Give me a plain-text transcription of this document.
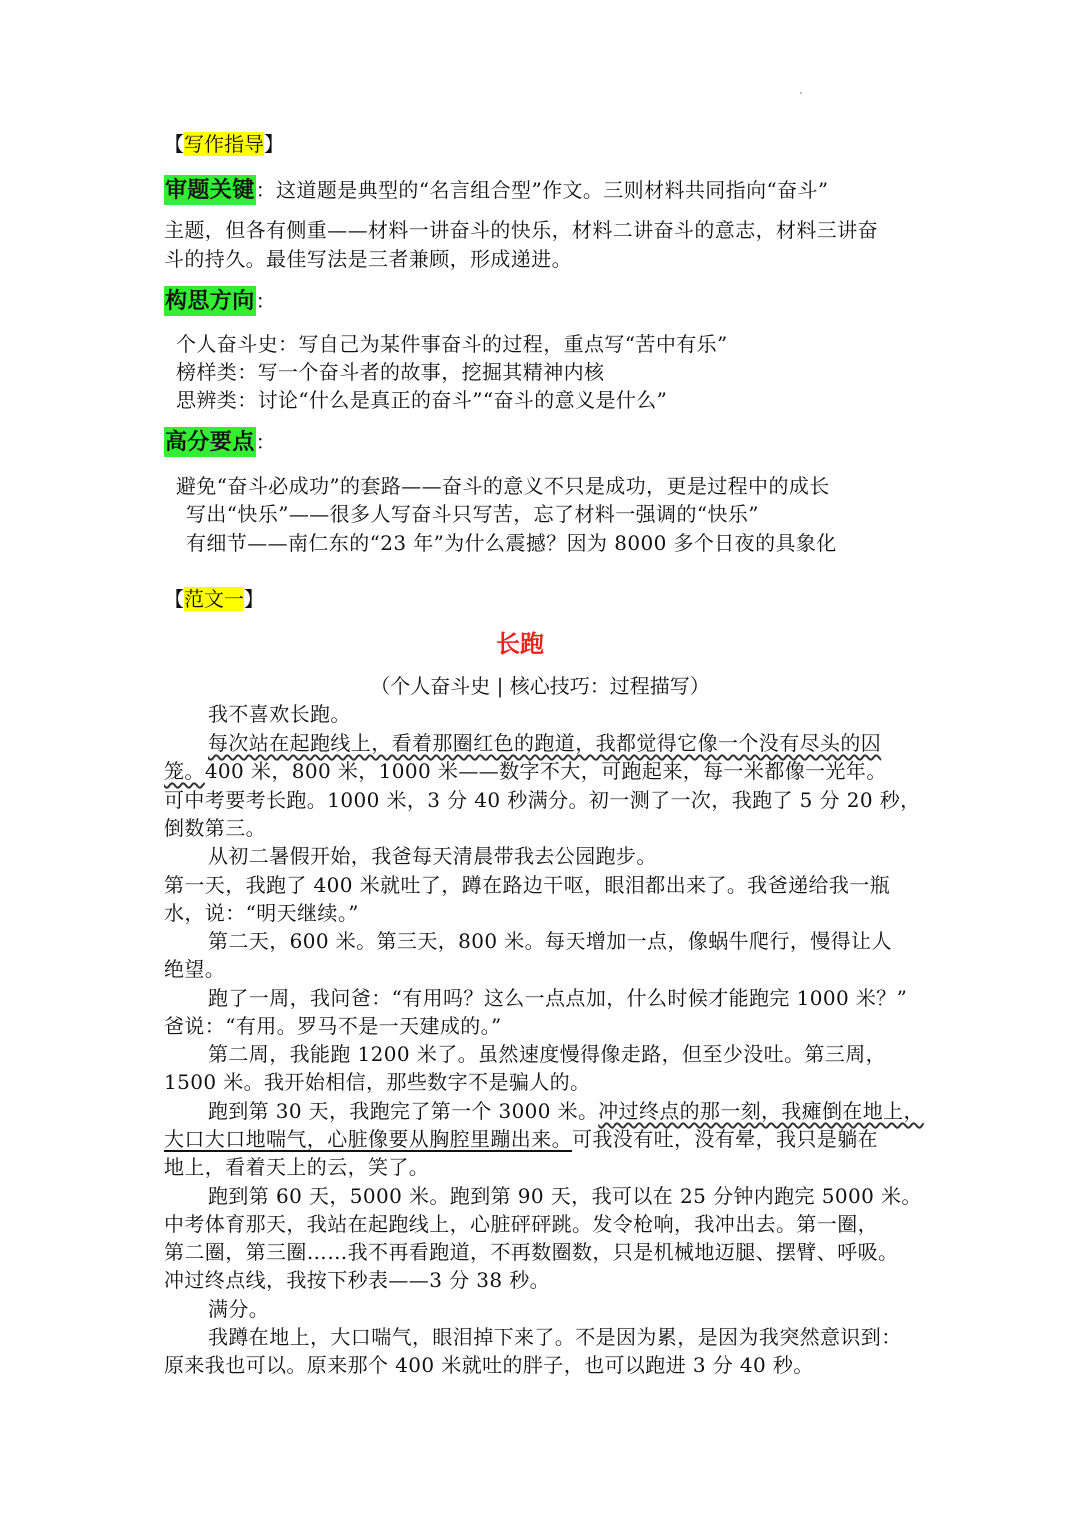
【写作指导】
审题关键：这道题是典型的“名言组合型”作文。三则材料共同指向“奋斗”
主题，但各有侧重——材料一讲奋斗的快乐，材料二讲奋斗的意志，材料三讲奋
斗的持久。最佳写法是三者兼顾，形成递进。
构思方向：
个人奋斗史：写自己为某件事奋斗的过程，重点写“苦中有乐”
榜样类：写一个奋斗者的故事，挖掘其精神内核
思辨类：讨论“什么是真正的奋斗”“奋斗的意义是什么”
高分要点：
避免“奋斗必成功”的套路——奋斗的意义不只是成功，更是过程中的成长
写出“快乐”——很多人写奋斗只写苦，忘了材料一强调的“快乐”
有细节——南仁东的“23 年”为什么震撼？因为 8000 多个日夜的具象化
【范文一】
长跑
（个人奋斗史 | 核心技巧：过程描写）
我不喜欢长跑。
每次站在起跑线上，看着那圈红色的跑道，我都觉得它像一个没有尽头的囚
笼。400 米，800 米，1000 米——数字不大，可跑起来，每一米都像一光年。
可中考要考长跑。1000 米，3 分 40 秒满分。初一测了一次，我跑了 5 分 20 秒，
倒数第三。
从初二暑假开始，我爸每天清晨带我去公园跑步。
第一天，我跑了 400 米就吐了，蹲在路边干呕，眼泪都出来了。我爸递给我一瓶
水，说：“明天继续。”
第二天，600 米。第三天，800 米。每天增加一点，像蜗牛爬行，慢得让人
绝望。
跑了一周，我问爸：“有用吗？这么一点点加，什么时候才能跑完 1000 米？”
爸说：“有用。罗马不是一天建成的。”
第二周，我能跑 1200 米了。虽然速度慢得像走路，但至少没吐。第三周，
1500 米。我开始相信，那些数字不是骗人的。
跑到第 30 天，我跑完了第一个 3000 米。冲过终点的那一刻，我瘫倒在地上，
大口大口地喘气，心脏像要从胸腔里蹦出来。可我没有吐，没有晕，我只是躺在
地上，看着天上的云，笑了。
跑到第 60 天，5000 米。跑到第 90 天，我可以在 25 分钟内跑完 5000 米。
中考体育那天，我站在起跑线上，心脏砰砰跳。发令枪响，我冲出去。第一圈，
第二圈，第三圈……我不再看跑道，不再数圈数，只是机械地迈腿、摆臂、呼吸。
冲过终点线，我按下秒表——3 分 38 秒。
满分。
我蹲在地上，大口喘气，眼泪掉下来了。不是因为累，是因为我突然意识到：
原来我也可以。原来那个 400 米就吐的胖子，也可以跑进 3 分 40 秒。
